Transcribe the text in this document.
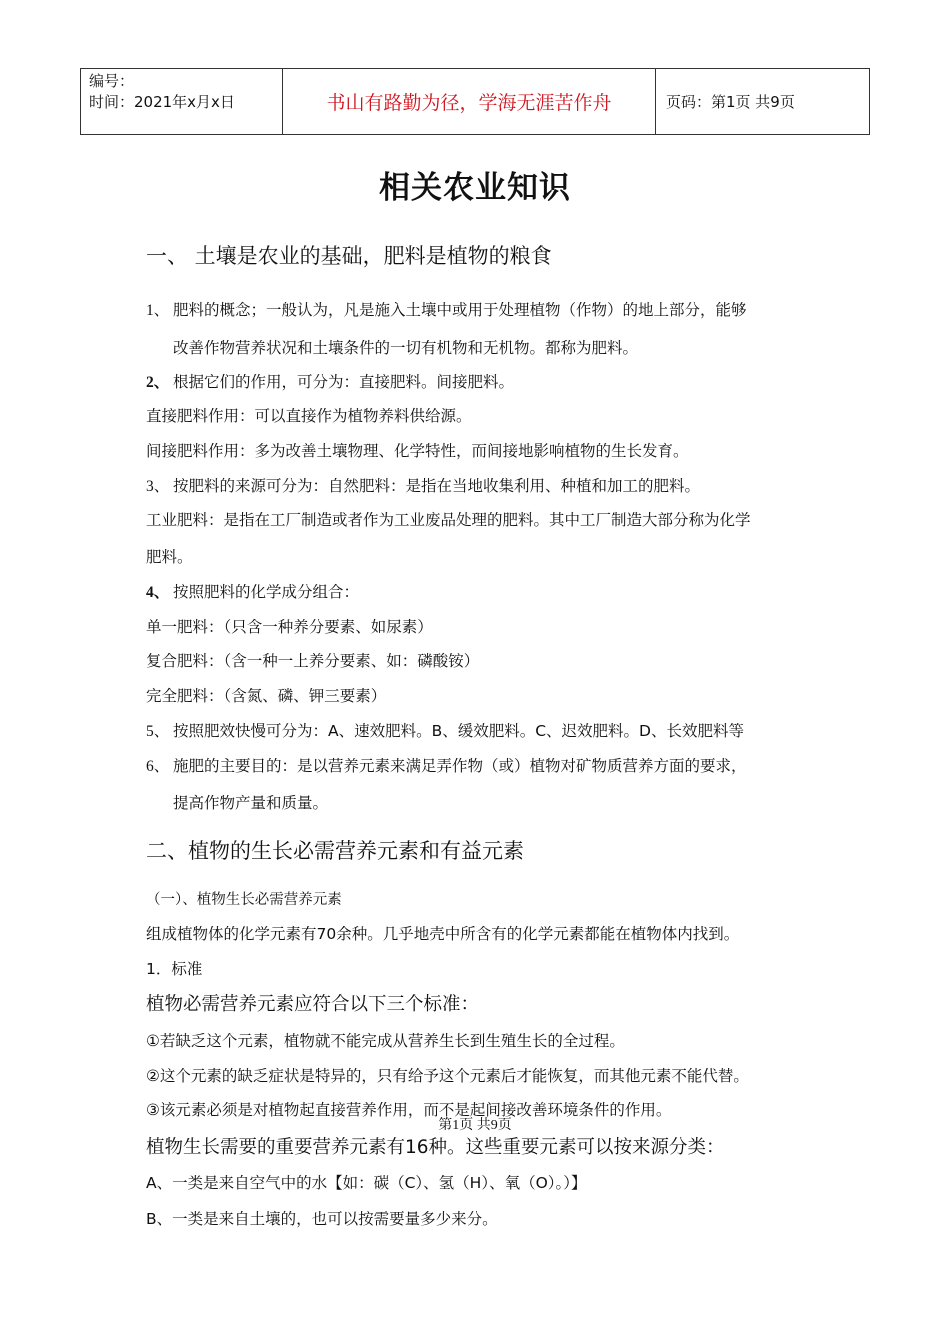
编号：
时间：2021年x月x日	书山有路勤为径，学海无涯苦作舟	页码：第1页 共9页
相关农业知识
一、 土壤是农业的基础，肥料是植物的粮食
1、 肥料的概念；一般认为，凡是施入土壤中或用于处理植物（作物）的地上部分，能够
改善作物营养状况和土壤条件的一切有机物和无机物。都称为肥料。
2、 根据它们的作用，可分为：直接肥料。间接肥料。
直接肥料作用：可以直接作为植物养料供给源。
间接肥料作用：多为改善土壤物理、化学特性，而间接地影响植物的生长发育。
3、 按肥料的来源可分为：自然肥料：是指在当地收集利用、种植和加工的肥料。
工业肥料：是指在工厂制造或者作为工业废品处理的肥料。其中工厂制造大部分称为化学
肥料。
4、 按照肥料的化学成分组合：
单一肥料：（只含一种养分要素、如尿素）
复合肥料：（含一种一上养分要素、如：磷酸铵）
完全肥料：（含氮、磷、钾三要素）
5、 按照肥效快慢可分为：A、速效肥料。B、缓效肥料。C、迟效肥料。D、长效肥料等
6、 施肥的主要目的：是以营养元素来满足弄作物（或）植物对矿物质营养方面的要求，
提高作物产量和质量。
二、植物的生长必需营养元素和有益元素
（一）、植物生长必需营养元素
组成植物体的化学元素有70余种。几乎地壳中所含有的化学元素都能在植物体内找到。
1．标准
植物必需营养元素应符合以下三个标准：
①若缺乏这个元素，植物就不能完成从营养生长到生殖生长的全过程。
②这个元素的缺乏症状是特异的，只有给予这个元素后才能恢复，而其他元素不能代替。
③该元素必须是对植物起直接营养作用，而不是起间接改善环境条件的作用。
第1页 共9页
植物生长需要的重要营养元素有16种。这些重要元素可以按来源分类：
A、一类是来自空气中的水【如：碳（C）、氢（H）、氧（O）。）】
B、一类是来自土壤的，也可以按需要量多少来分。
